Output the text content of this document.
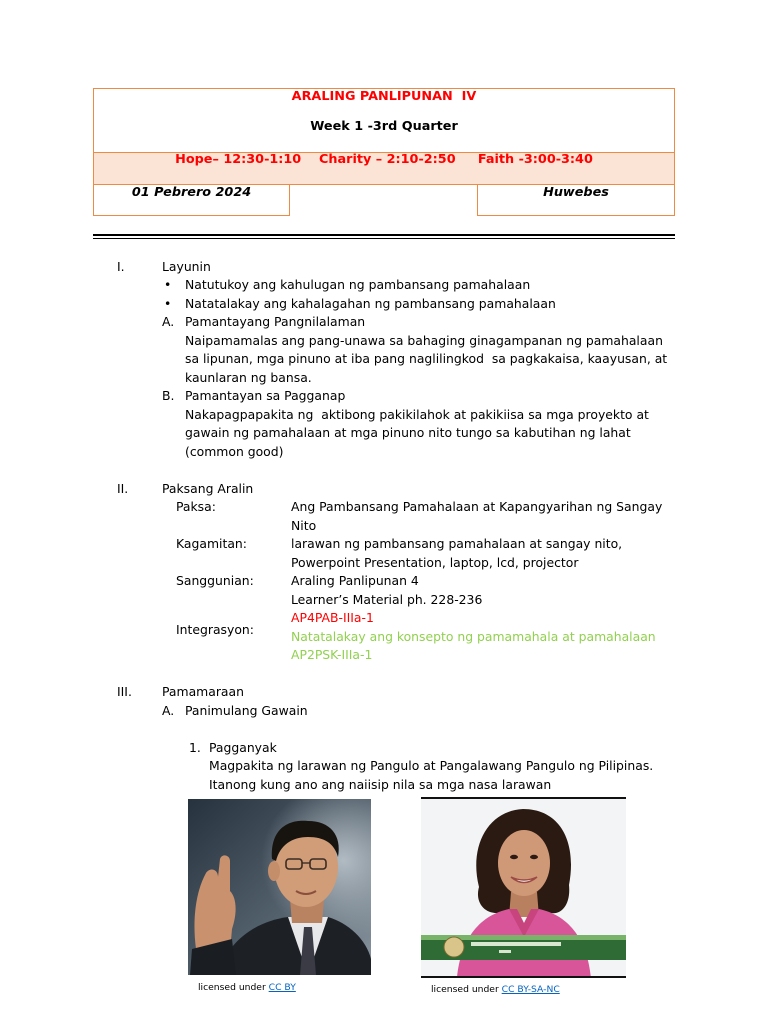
ARALING PANLIPUNAN  IV
Week 1 -3rd Quarter
Hope– 12:30-1:10    Charity – 2:10-2:50     Faith -3:00-3:40
01 Pebrero 2024	Huwebes
I.	Layunin
• Natutukoy ang kahulugan ng pambansang pamahalaan
• Natatalakay ang kahalagahan ng pambansang pamahalaan
A. Pamantayang Pangnilalaman
Naipamamalas ang pang-unawa sa bahaging ginagampanan ng pamahalaan
sa lipunan, mga pinuno at iba pang naglilingkod  sa pagkakaisa, kaayusan, at
kaunlaran ng bansa.
B. Pamantayan sa Pagganap
Nakapagpapakita ng  aktibong pakikilahok at pakikiisa sa mga proyekto at
gawain ng pamahalaan at mga pinuno nito tungo sa kabutihan ng lahat
(common good)
II.	Paksang Aralin
Paksa:	Ang Pambansang Pamahalaan at Kapangyarihan ng Sangay
Nito
Kagamitan:	larawan ng pambansang pamahalaan at sangay nito,
Powerpoint Presentation, laptop, lcd, projector
Sanggunian:	Araling Panlipunan 4
Learner’s Material ph. 228-236
Integrasyon:
AP4PAB-IIIa-1
Natatalakay ang konsepto ng pamamahala at pamahalaan
AP2PSK-IIIa-1
III. Pamamaraan
A. Panimulang Gawain
1. Pagganyak
Magpakita ng larawan ng Pangulo at Pangalawang Pangulo ng Pilipinas.
Itanong kung ano ang naiisip nila sa mga nasa larawan
licensed under CC BY	licensed under CC BY-SA-NC
